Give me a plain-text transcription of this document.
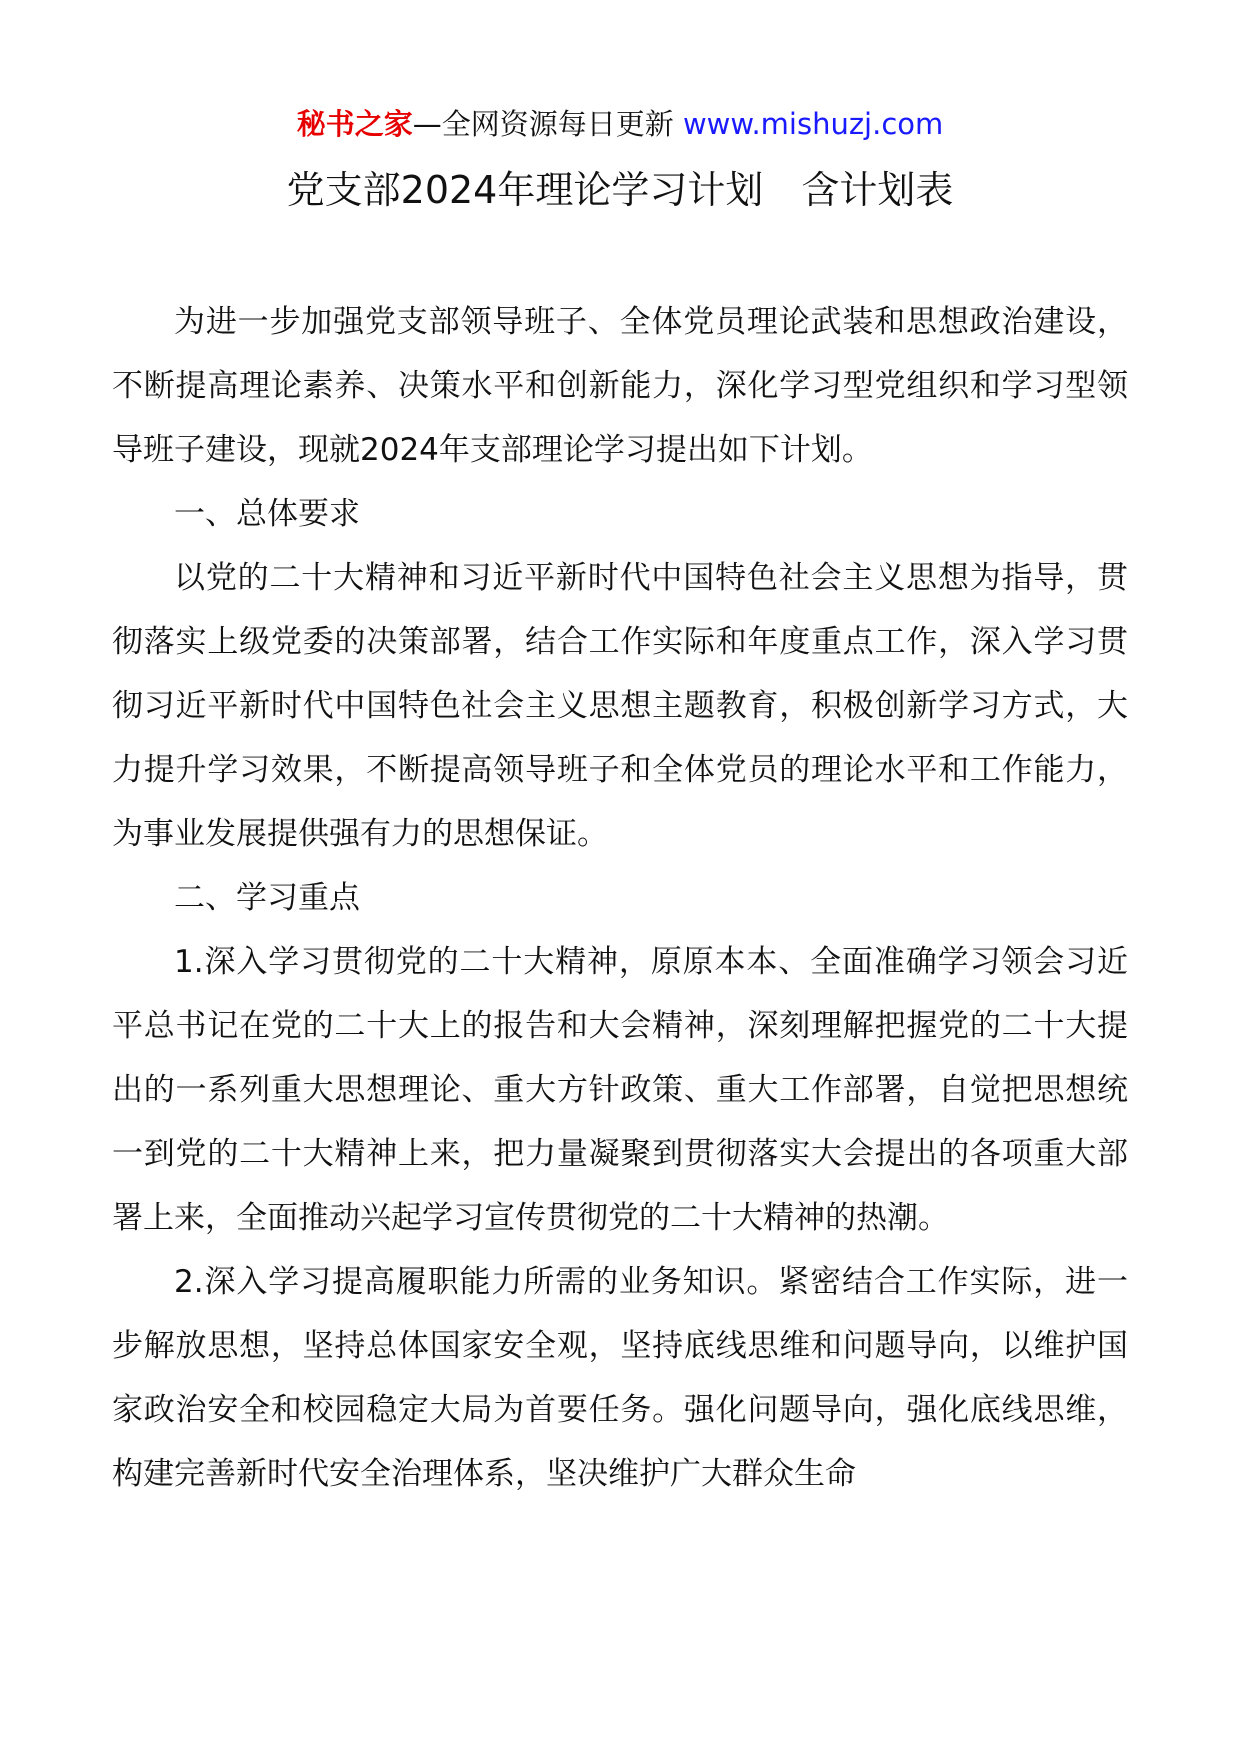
秘书之家—全网资源每日更新 www.mishuzj.com
党支部2024年理论学习计划　含计划表

为进一步加强党支部领导班子、全体党员理论武装和思想政治建设，不断提高理论素养、决策水平和创新能力，深化学习型党组织和学习型领导班子建设，现就2024年支部理论学习提出如下计划。

一、总体要求

以党的二十大精神和习近平新时代中国特色社会主义思想为指导，贯彻落实上级党委的决策部署，结合工作实际和年度重点工作，深入学习贯彻习近平新时代中国特色社会主义思想主题教育，积极创新学习方式，大力提升学习效果，不断提高领导班子和全体党员的理论水平和工作能力，为事业发展提供强有力的思想保证。

二、学习重点

1.深入学习贯彻党的二十大精神，原原本本、全面准确学习领会习近平总书记在党的二十大上的报告和大会精神，深刻理解把握党的二十大提出的一系列重大思想理论、重大方针政策、重大工作部署，自觉把思想统一到党的二十大精神上来，把力量凝聚到贯彻落实大会提出的各项重大部署上来，全面推动兴起学习宣传贯彻党的二十大精神的热潮。

2.深入学习提高履职能力所需的业务知识。紧密结合工作实际，进一步解放思想，坚持总体国家安全观，坚持底线思维和问题导向，以维护国家政治安全和校园稳定大局为首要任务。强化问题导向，强化底线思维，构建完善新时代安全治理体系，坚决维护广大群众生命
